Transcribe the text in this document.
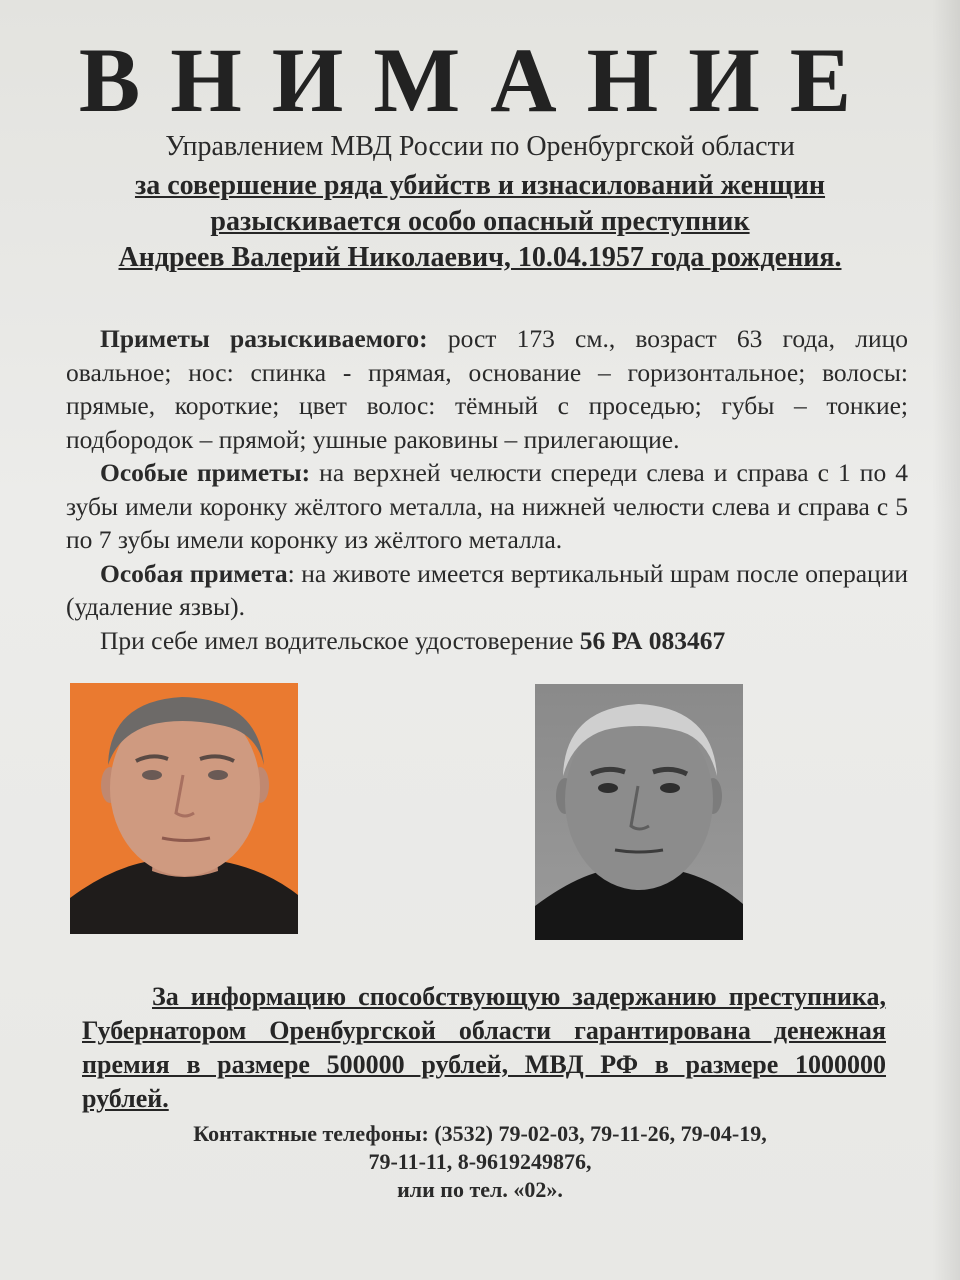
ВНИМАНИЕ
Управлением МВД России по Оренбургской области
за совершение ряда убийств и изнасилований женщин
разыскивается особо опасный преступник
Андреев Валерий Николаевич, 10.04.1957 года рождения.

Приметы разыскиваемого: рост 173 см., возраст 63 года, лицо овальное; нос: спинка - прямая, основание – горизонтальное; волосы: прямые, короткие; цвет волос: тёмный с проседью; губы – тонкие; подбородок – прямой; ушные раковины – прилегающие.

Особые приметы: на верхней челюсти спереди слева и справа с 1 по 4 зубы имели коронку жёлтого металла, на нижней челюсти слева и справа с 5 по 7 зубы имели коронку из жёлтого металла.

Особая примета: на животе имеется вертикальный шрам после операции (удаление язвы).

При себе имел водительское удостоверение 56 РА 083467

За информацию способствующую задержанию преступника, Губернатором Оренбургской области гарантирована денежная премия в размере 500000 рублей, МВД РФ в размере 1000000 рублей.
Контактные телефоны: (3532) 79-02-03, 79-11-26, 79-04-19,
79-11-11, 8-9619249876,
или по тел. «02».
